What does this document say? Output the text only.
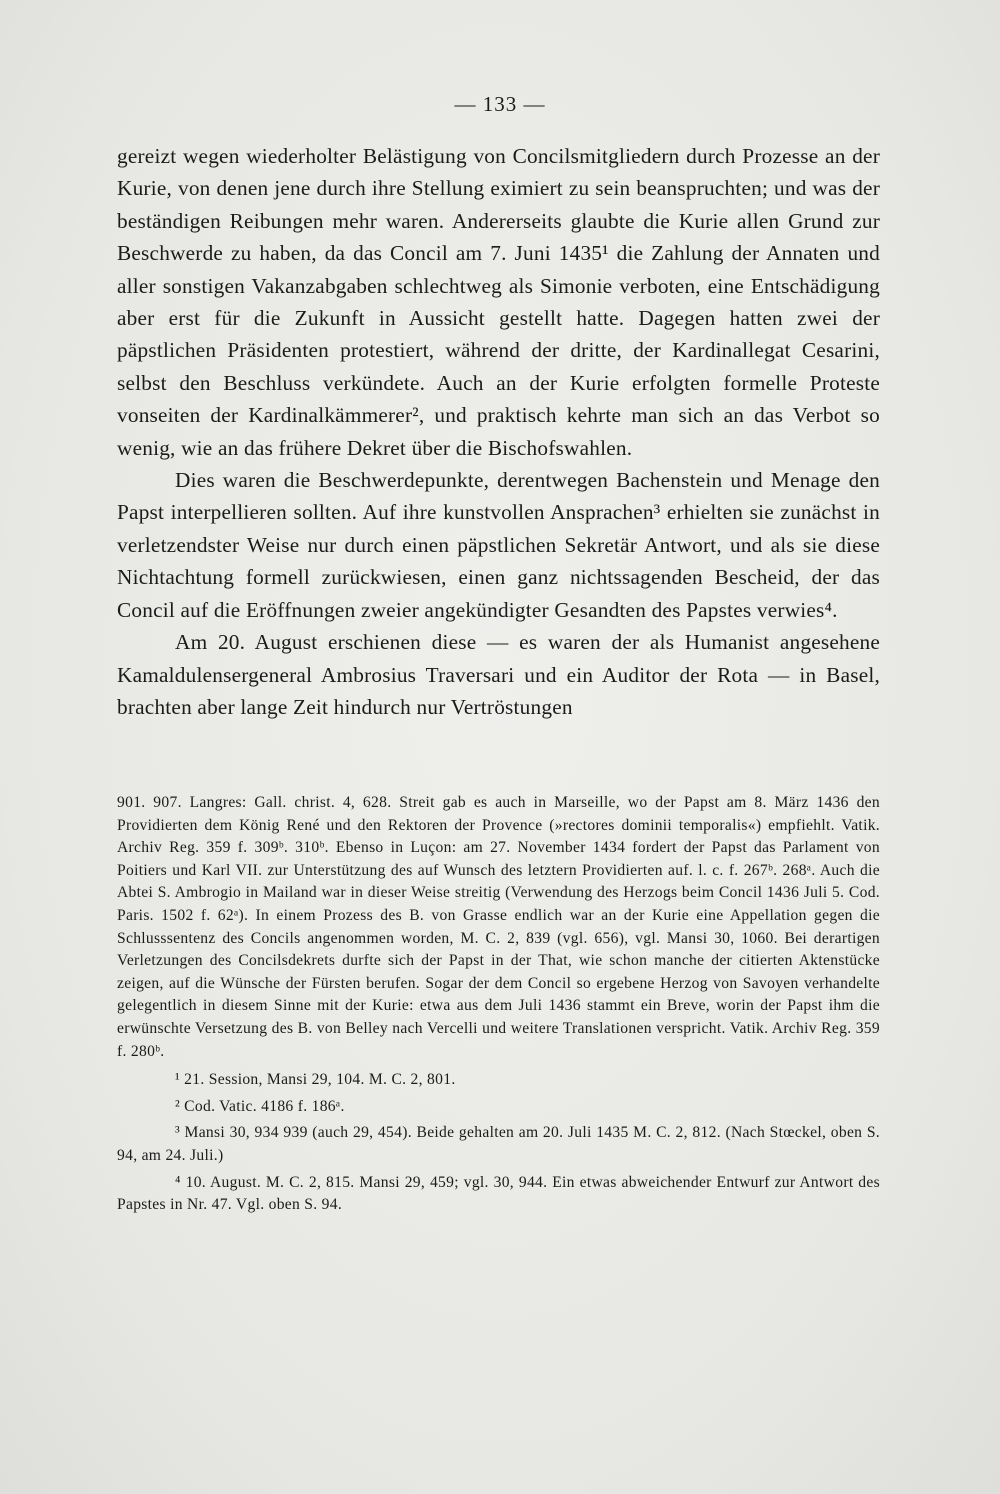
— 133 —

gereizt wegen wiederholter Belästigung von Concilsmitgliedern durch Prozesse an der Kurie, von denen jene durch ihre Stellung eximiert zu sein beanspruchten; und was der beständigen Reibungen mehr waren. Andererseits glaubte die Kurie allen Grund zur Beschwerde zu haben, da das Concil am 7. Juni 1435¹ die Zahlung der Annaten und aller sonstigen Vakanzabgaben schlechtweg als Simonie verboten, eine Entschädigung aber erst für die Zukunft in Aussicht gestellt hatte. Dagegen hatten zwei der päpstlichen Präsidenten protestiert, während der dritte, der Kardinallegat Cesarini, selbst den Beschluss verkündete. Auch an der Kurie erfolgten formelle Proteste vonseiten der Kardinalkämmerer², und praktisch kehrte man sich an das Verbot so wenig, wie an das frühere Dekret über die Bischofswahlen.

Dies waren die Beschwerdepunkte, derentwegen Bachenstein und Menage den Papst interpellieren sollten. Auf ihre kunstvollen Ansprachen³ erhielten sie zunächst in verletzendster Weise nur durch einen päpstlichen Sekretär Antwort, und als sie diese Nichtachtung formell zurückwiesen, einen ganz nichtssagenden Bescheid, der das Concil auf die Eröffnungen zweier angekündigter Gesandten des Papstes verwies⁴.

Am 20. August erschienen diese — es waren der als Humanist angesehene Kamaldulensergeneral Ambrosius Traversari und ein Auditor der Rota — in Basel, brachten aber lange Zeit hindurch nur Vertröstungen

901. 907. Langres: Gall. christ. 4, 628. Streit gab es auch in Marseille, wo der Papst am 8. März 1436 den Providierten dem König René und den Rektoren der Provence (»rectores dominii temporalis«) empfiehlt. Vatik. Archiv Reg. 359 f. 309ᵇ. 310ᵇ. Ebenso in Luçon: am 27. November 1434 fordert der Papst das Parlament von Poitiers und Karl VII. zur Unterstützung des auf Wunsch des letztern Providierten auf. l. c. f. 267ᵇ. 268ᵃ. Auch die Abtei S. Ambrogio in Mailand war in dieser Weise streitig (Verwendung des Herzogs beim Concil 1436 Juli 5. Cod. Paris. 1502 f. 62ᵃ). In einem Prozess des B. von Grasse endlich war an der Kurie eine Appellation gegen die Schlusssentenz des Concils angenommen worden, M. C. 2, 839 (vgl. 656), vgl. Mansi 30, 1060. Bei derartigen Verletzungen des Concilsdekrets durfte sich der Papst in der That, wie schon manche der citierten Aktenstücke zeigen, auf die Wünsche der Fürsten berufen. Sogar der dem Concil so ergebene Herzog von Savoyen verhandelte gelegentlich in diesem Sinne mit der Kurie: etwa aus dem Juli 1436 stammt ein Breve, worin der Papst ihm die erwünschte Versetzung des B. von Belley nach Vercelli und weitere Translationen verspricht. Vatik. Archiv Reg. 359 f. 280ᵇ.

¹ 21. Session, Mansi 29, 104. M. C. 2, 801.

² Cod. Vatic. 4186 f. 186ᵃ.

³ Mansi 30, 934 939 (auch 29, 454). Beide gehalten am 20. Juli 1435 M. C. 2, 812. (Nach Stœckel, oben S. 94, am 24. Juli.)

⁴ 10. August. M. C. 2, 815. Mansi 29, 459; vgl. 30, 944. Ein etwas abweichender Entwurf zur Antwort des Papstes in Nr. 47. Vgl. oben S. 94.
